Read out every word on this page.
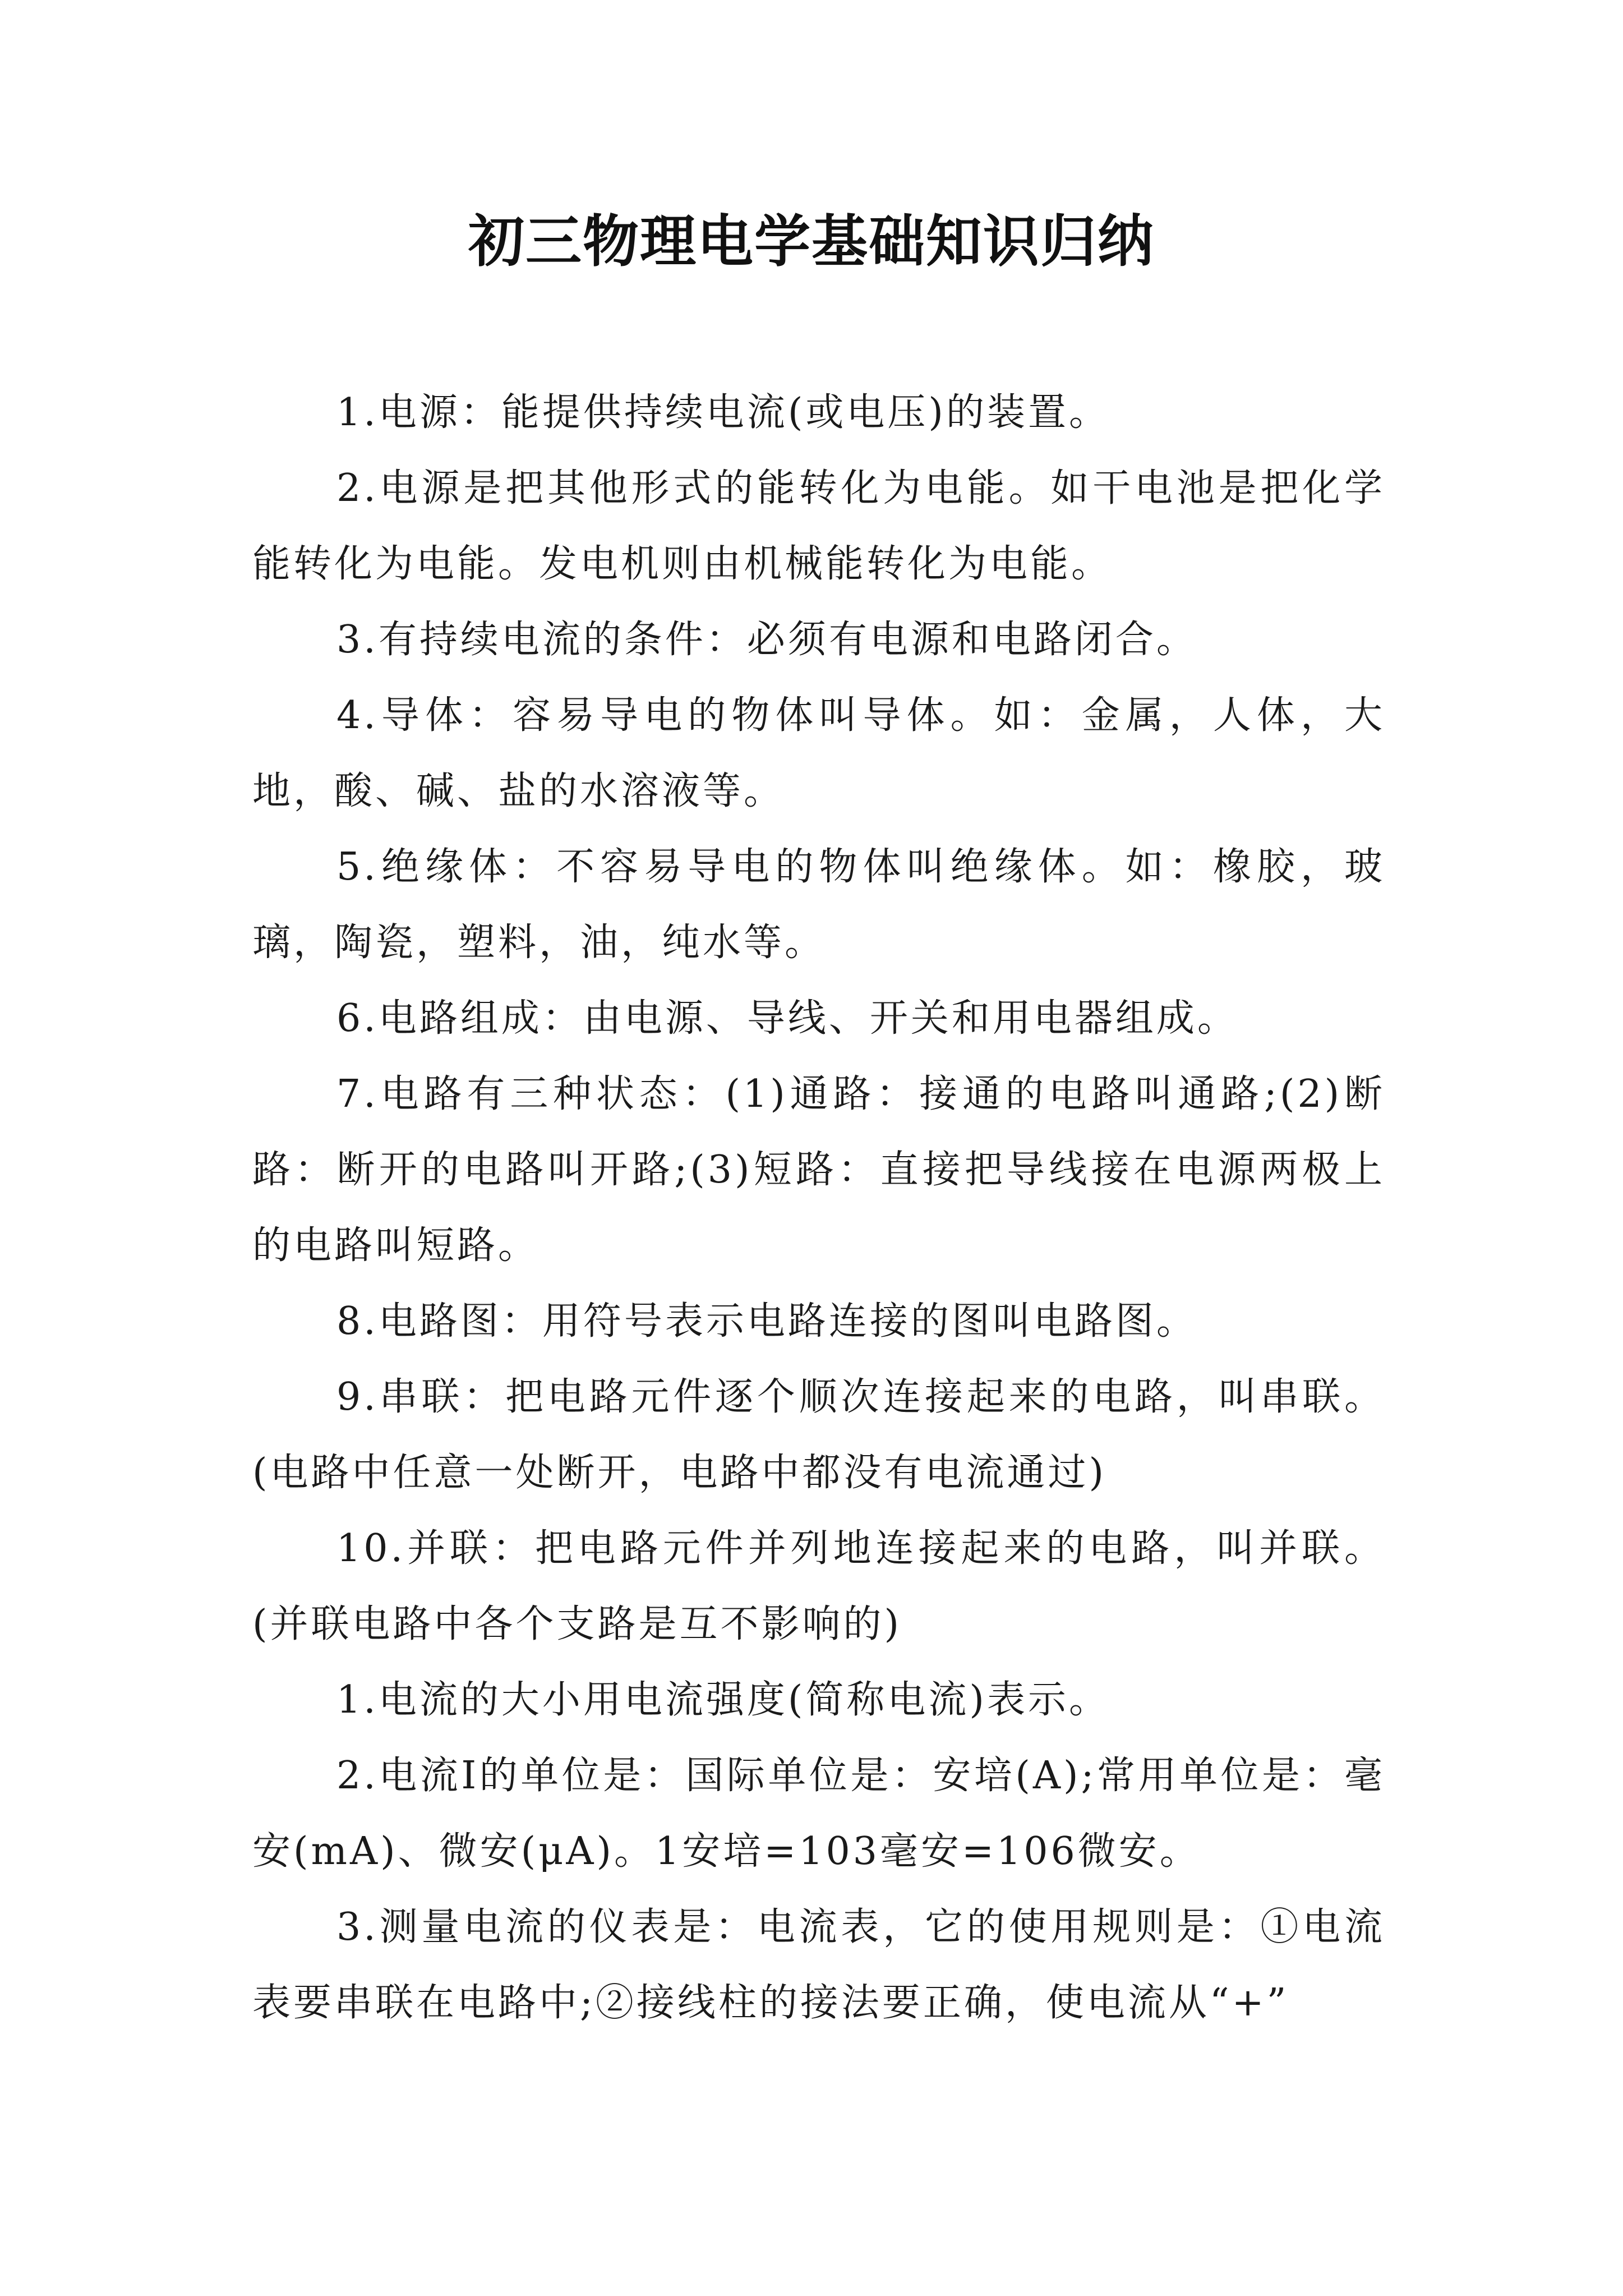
初三物理电学基础知识归纳

1.电源：能提供持续电流(或电压)的装置。

2.电源是把其他形式的能转化为电能。如干电池是把化学能转化为电能。发电机则由机械能转化为电能。

3.有持续电流的条件：必须有电源和电路闭合。

4.导体：容易导电的物体叫导体。如：金属，人体，大地，酸、碱、盐的水溶液等。

5.绝缘体：不容易导电的物体叫绝缘体。如：橡胶，玻璃，陶瓷，塑料，油，纯水等。

6.电路组成：由电源、导线、开关和用电器组成。

7.电路有三种状态：(1)通路：接通的电路叫通路;(2)断路：断开的电路叫开路;(3)短路：直接把导线接在电源两极上的电路叫短路。

8.电路图：用符号表示电路连接的图叫电路图。

9.串联：把电路元件逐个顺次连接起来的电路，叫串联。(电路中任意一处断开，电路中都没有电流通过)

10.并联：把电路元件并列地连接起来的电路，叫并联。(并联电路中各个支路是互不影响的)

1.电流的大小用电流强度(简称电流)表示。

2.电流I的单位是：国际单位是：安培(A);常用单位是：毫安(mA)、微安(μA)。1安培=103毫安=106微安。

3.测量电流的仪表是：电流表，它的使用规则是：①电流表要串联在电路中;②接线柱的接法要正确，使电流从“+”
